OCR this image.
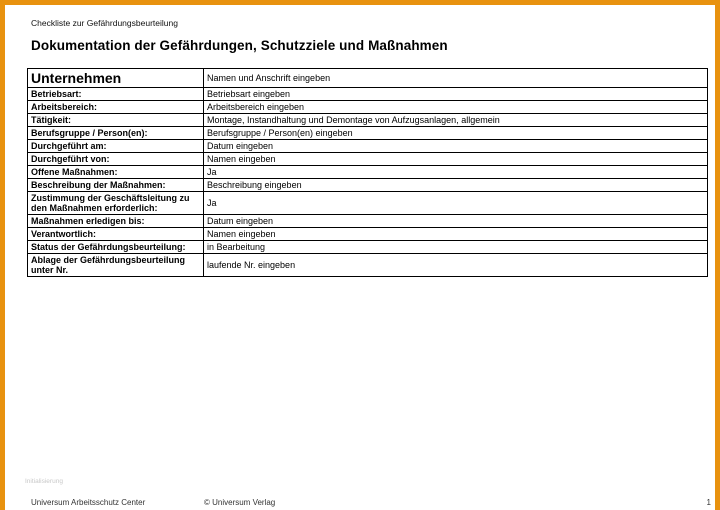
Checkliste zur Gefährdungsbeurteilung
Dokumentation der Gefährdungen, Schutzziele und Maßnahmen
Unternehmen	Namen und Anschrift eingeben
Betriebsart:	Betriebsart eingeben
Arbeitsbereich:	Arbeitsbereich eingeben
Tätigkeit:	Montage, Instandhaltung und Demontage von Aufzugsanlagen, allgemein
Berufsgruppe / Person(en):	Berufsgruppe / Person(en) eingeben
Durchgeführt am:	Datum eingeben
Durchgeführt von:	Namen eingeben
Offene Maßnahmen:	Ja
Beschreibung der Maßnahmen:	Beschreibung eingeben
Zustimmung der Geschäftsleitung zu den Maßnahmen erforderlich:	Ja
Maßnahmen erledigen bis:	Datum eingeben
Verantwortlich:	Namen eingeben
Status der Gefährdungsbeurteilung:	in Bearbeitung
Ablage der Gefährdungsbeurteilung unter Nr.	laufende Nr. eingeben
Initialisierung
Universum Arbeitsschutz Center	© Universum Verlag	1
